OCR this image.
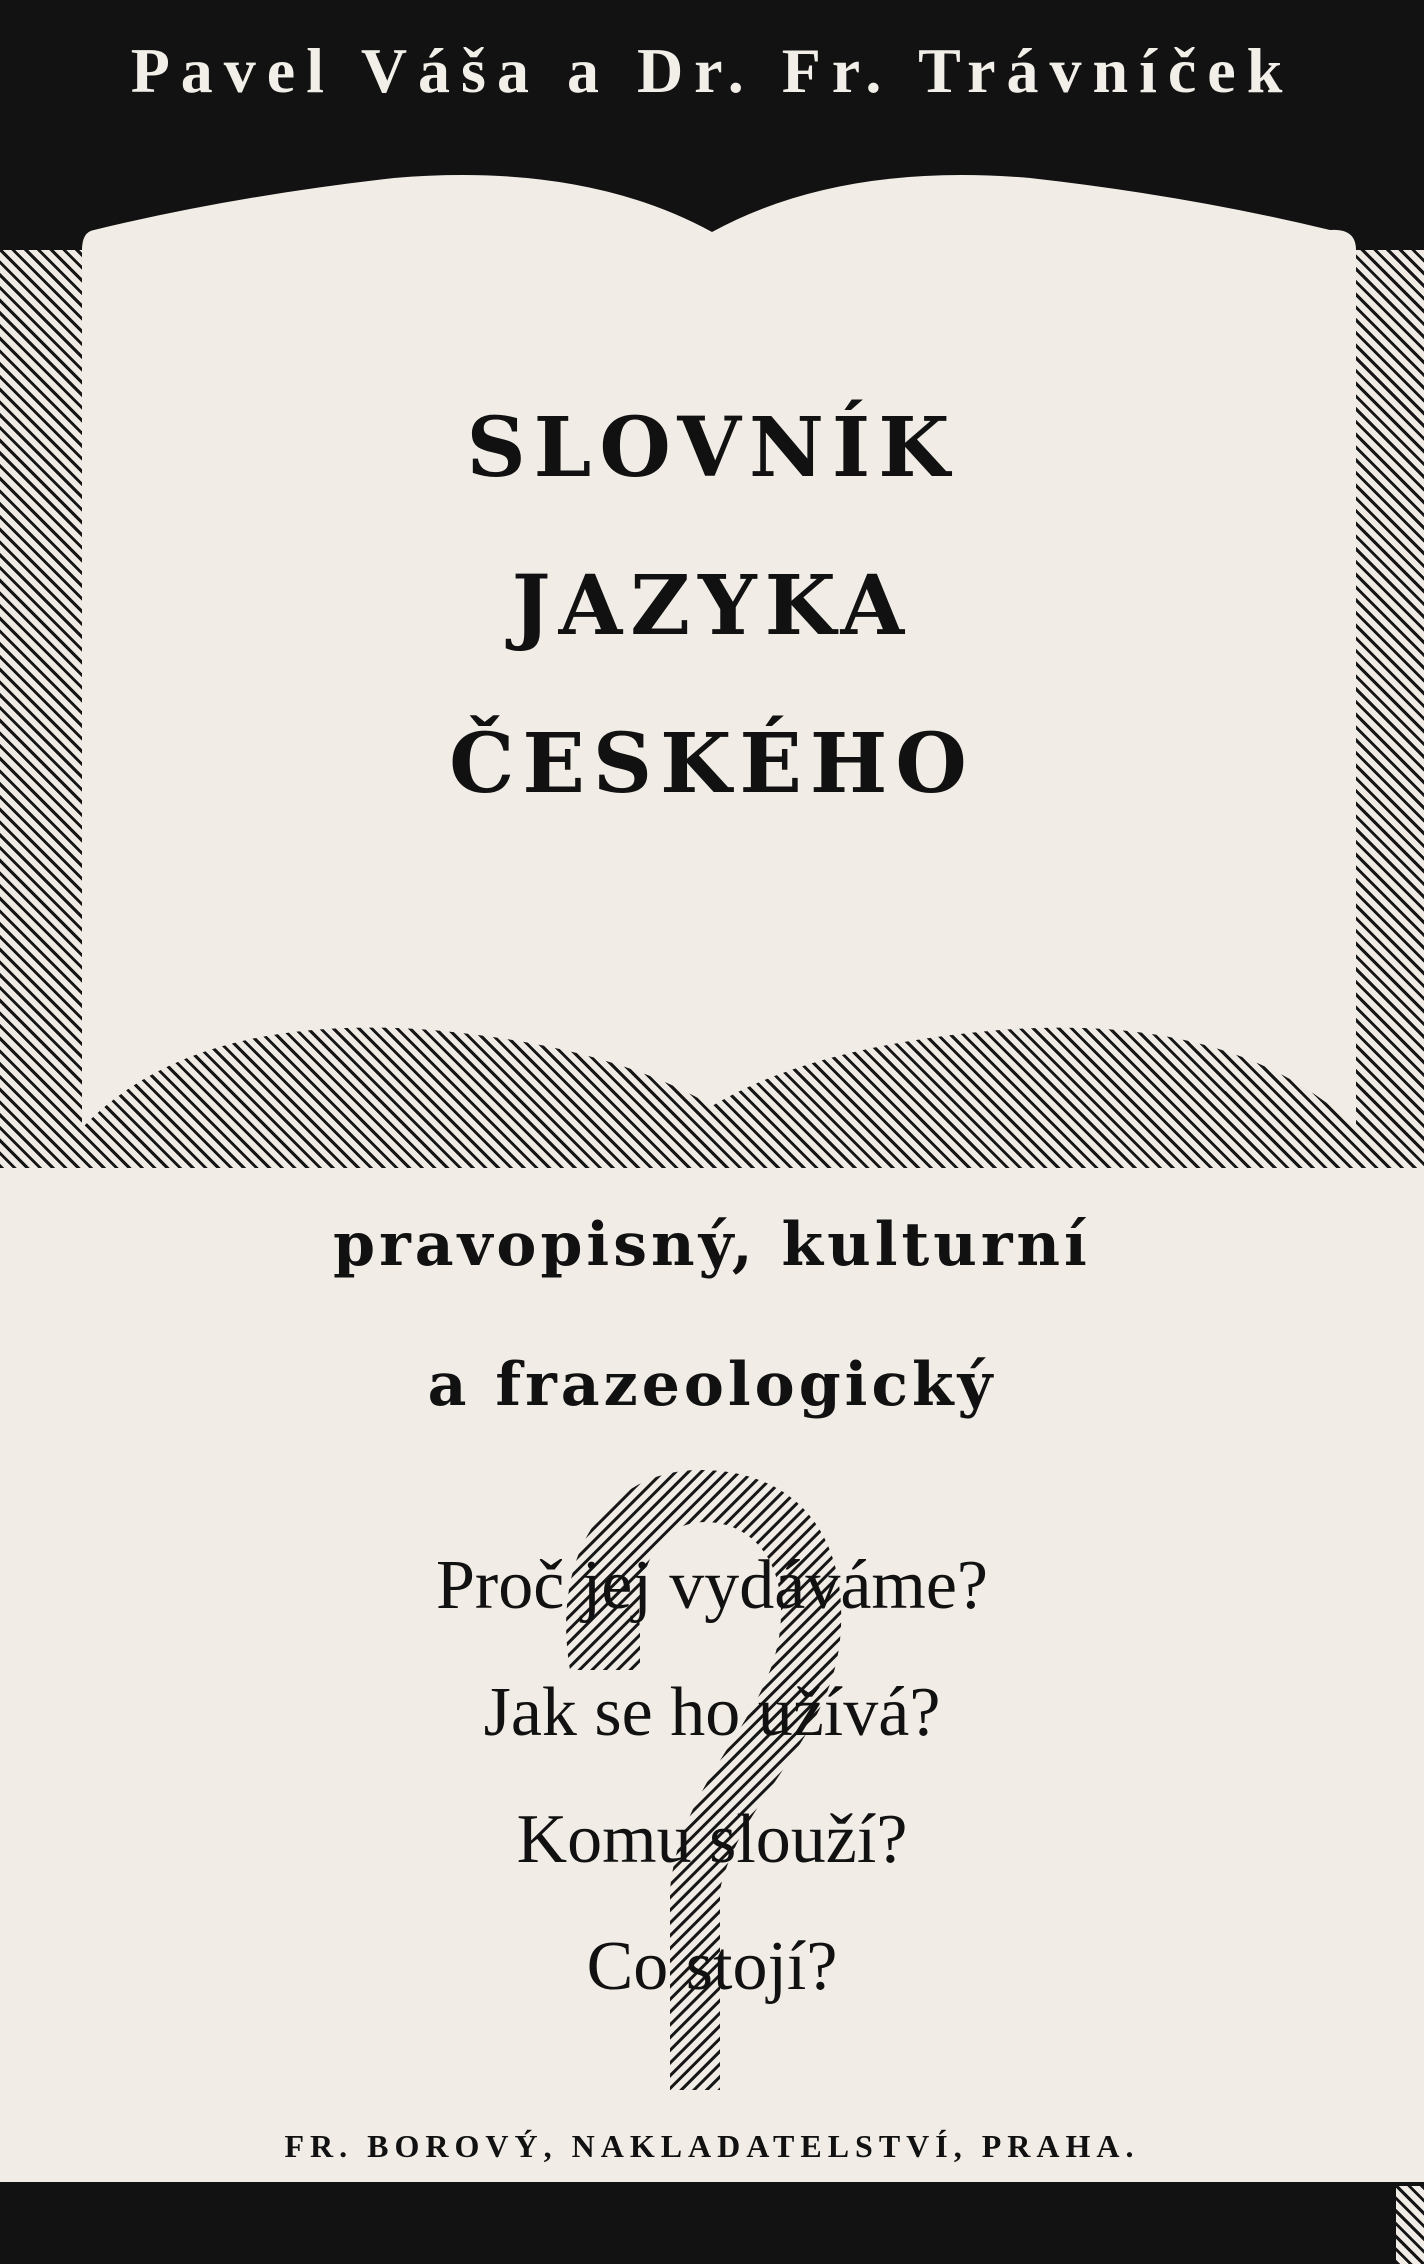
Pavel Váša a Dr. Fr. Trávníček
SLOVNÍK
JAZYKA
ČESKÉHO
pravopisný, kulturní
a frazeologický
Proč jej vydáváme?
Jak se ho užívá?
Komu slouží?
Co stojí?
FR. BOROVÝ, NAKLADATELSTVÍ, PRAHA.
